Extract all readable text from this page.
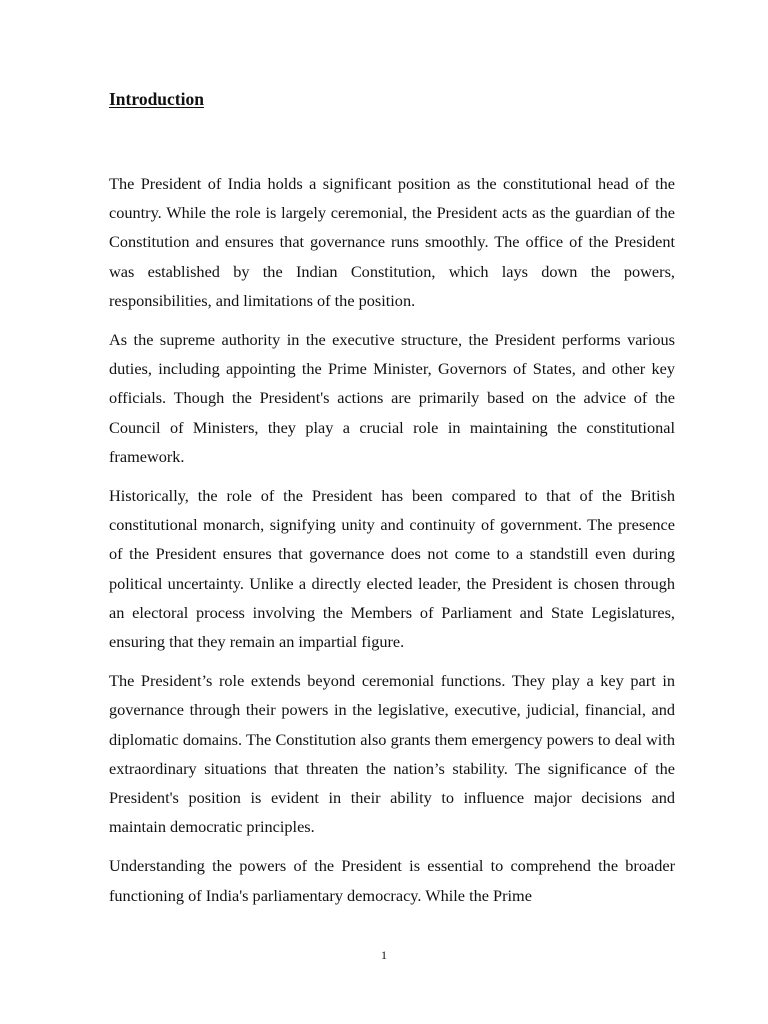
Introduction

The President of India holds a significant position as the constitutional head of the country. While the role is largely ceremonial, the President acts as the guardian of the Constitution and ensures that governance runs smoothly. The office of the President was established by the Indian Constitution, which lays down the powers, responsibilities, and limitations of the position.

As the supreme authority in the executive structure, the President performs various duties, including appointing the Prime Minister, Governors of States, and other key officials. Though the President's actions are primarily based on the advice of the Council of Ministers, they play a crucial role in maintaining the constitutional framework.

Historically, the role of the President has been compared to that of the British constitutional monarch, signifying unity and continuity of government. The presence of the President ensures that governance does not come to a standstill even during political uncertainty. Unlike a directly elected leader, the President is chosen through an electoral process involving the Members of Parliament and State Legislatures, ensuring that they remain an impartial figure.

The President’s role extends beyond ceremonial functions. They play a key part in governance through their powers in the legislative, executive, judicial, financial, and diplomatic domains. The Constitution also grants them emergency powers to deal with extraordinary situations that threaten the nation’s stability. The significance of the President's position is evident in their ability to influence major decisions and maintain democratic principles.

Understanding the powers of the President is essential to comprehend the broader functioning of India's parliamentary democracy. While the Prime

1
